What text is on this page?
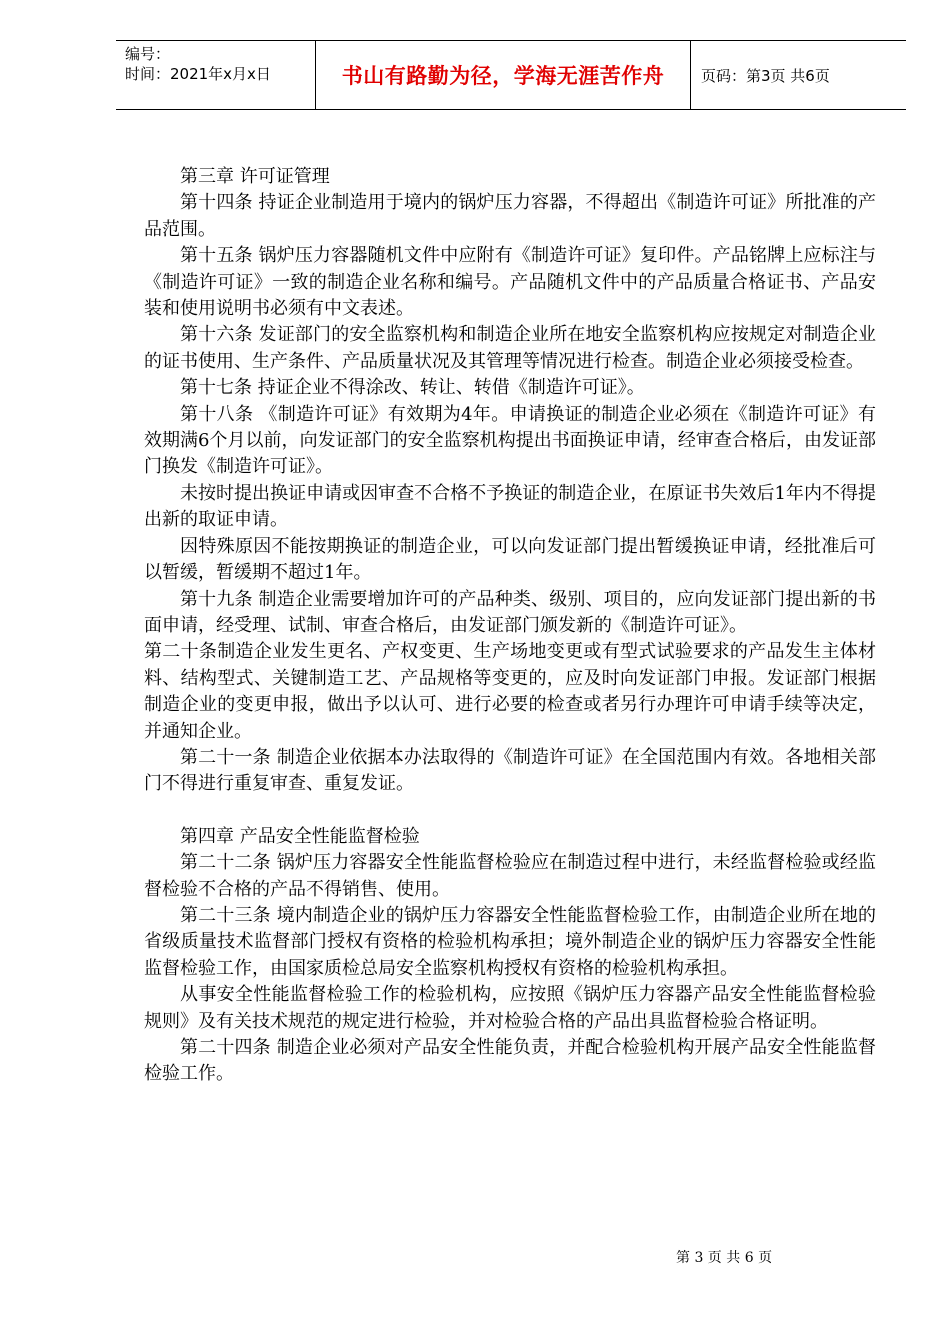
编号：
时间：2021年x月x日	书山有路勤为径，学海无涯苦作舟	页码：第3页 共6页

第三章 许可证管理

第十四条 持证企业制造用于境内的锅炉压力容器，不得超出《制造许可证》所批准的产品范围。

第十五条 锅炉压力容器随机文件中应附有《制造许可证》复印件。产品铭牌上应标注与《制造许可证》一致的制造企业名称和编号。产品随机文件中的产品质量合格证书、产品安装和使用说明书必须有中文表述。

第十六条 发证部门的安全监察机构和制造企业所在地安全监察机构应按规定对制造企业的证书使用、生产条件、产品质量状况及其管理等情况进行检查。制造企业必须接受检查。

第十七条 持证企业不得涂改、转让、转借《制造许可证》。

第十八条 《制造许可证》有效期为4年。申请换证的制造企业必须在《制造许可证》有效期满6个月以前，向发证部门的安全监察机构提出书面换证申请，经审查合格后，由发证部门换发《制造许可证》。

未按时提出换证申请或因审查不合格不予换证的制造企业，在原证书失效后1年内不得提出新的取证申请。

因特殊原因不能按期换证的制造企业，可以向发证部门提出暂缓换证申请，经批准后可以暂缓，暂缓期不超过1年。

第十九条 制造企业需要增加许可的产品种类、级别、项目的，应向发证部门提出新的书面申请，经受理、试制、审查合格后，由发证部门颁发新的《制造许可证》。

第二十条制造企业发生更名、产权变更、生产场地变更或有型式试验要求的产品发生主体材料、结构型式、关键制造工艺、产品规格等变更的，应及时向发证部门申报。发证部门根据制造企业的变更申报，做出予以认可、进行必要的检查或者另行办理许可申请手续等决定，并通知企业。

第二十一条 制造企业依据本办法取得的《制造许可证》在全国范围内有效。各地相关部门不得进行重复审查、重复发证。

第四章 产品安全性能监督检验

第二十二条 锅炉压力容器安全性能监督检验应在制造过程中进行，未经监督检验或经监督检验不合格的产品不得销售、使用。

第二十三条 境内制造企业的锅炉压力容器安全性能监督检验工作，由制造企业所在地的省级质量技术监督部门授权有资格的检验机构承担；境外制造企业的锅炉压力容器安全性能监督检验工作，由国家质检总局安全监察机构授权有资格的检验机构承担。

从事安全性能监督检验工作的检验机构，应按照《锅炉压力容器产品安全性能监督检验规则》及有关技术规范的规定进行检验，并对检验合格的产品出具监督检验合格证明。

第二十四条 制造企业必须对产品安全性能负责，并配合检验机构开展产品安全性能监督检验工作。

第 3 页 共 6 页
